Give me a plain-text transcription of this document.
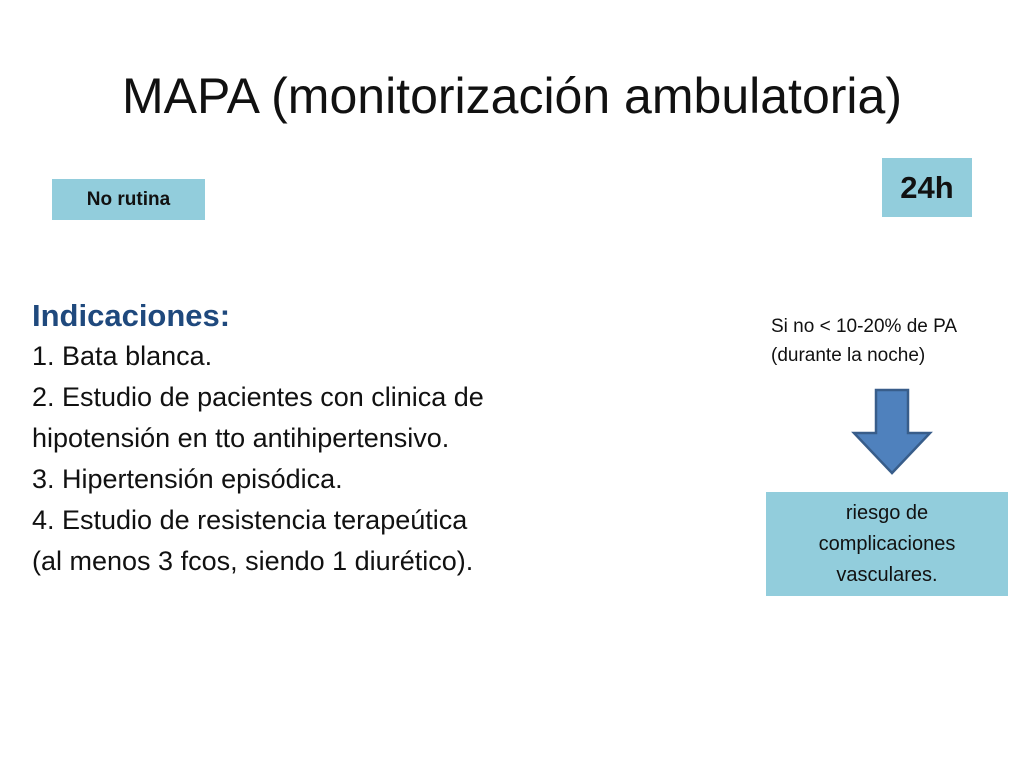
MAPA (monitorización ambulatoria)
No rutina	24h
Indicaciones:
1. Bata blanca.
2. Estudio de pacientes con clinica de
hipotensión en tto antihipertensivo.
3. Hipertensión episódica.
4. Estudio de resistencia terapeútica
(al menos 3 fcos, siendo 1 diurético).
Si no < 10-20% de PA
(durante la noche)
riesgo de
complicaciones
vasculares.
